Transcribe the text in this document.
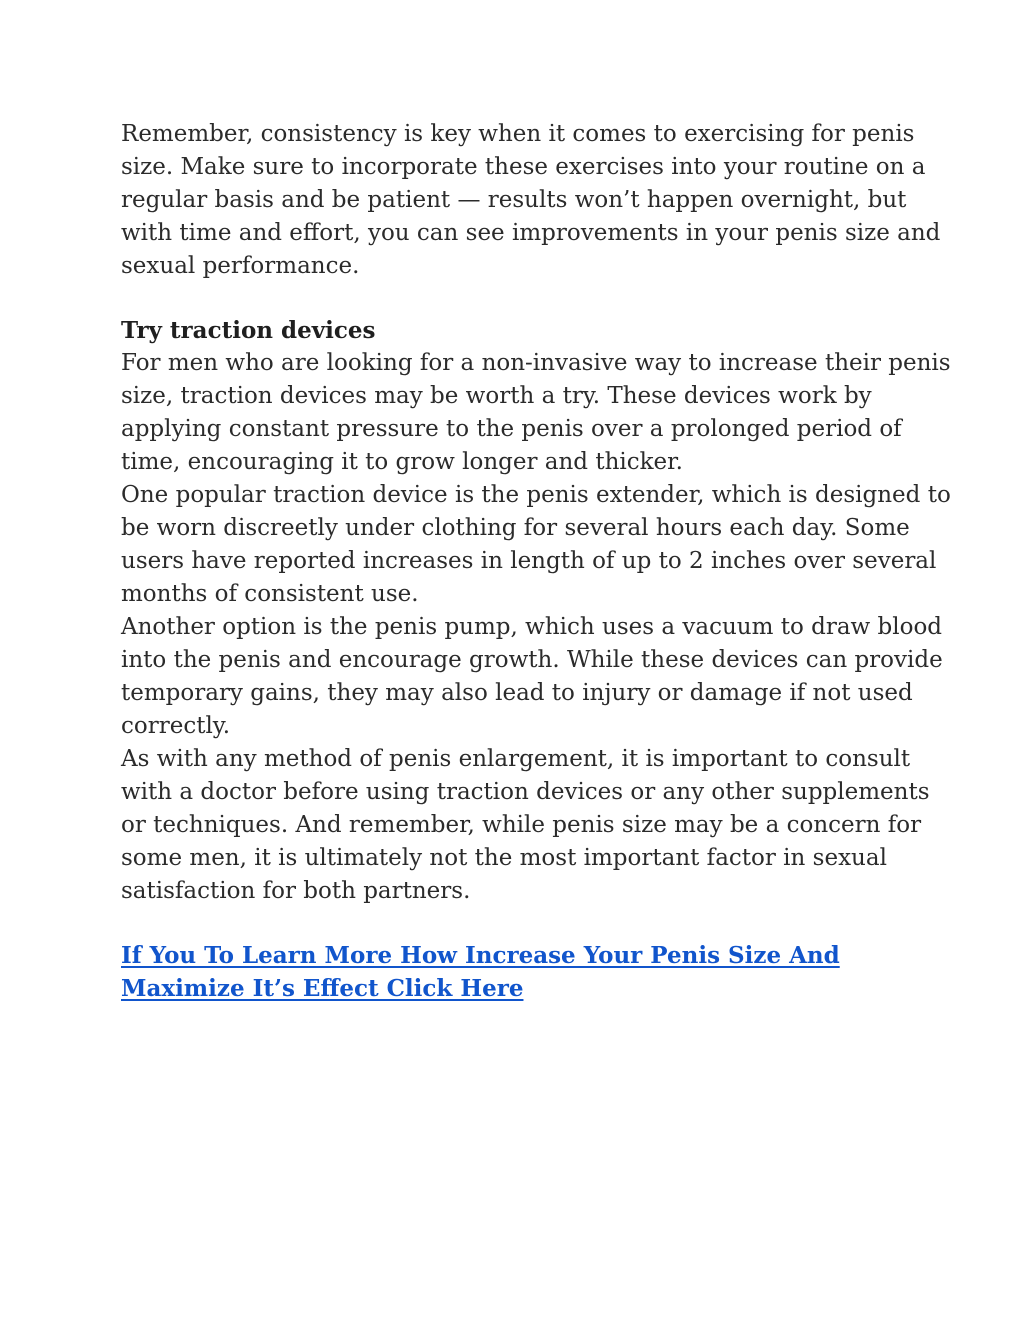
Remember, consistency is key when it comes to exercising for penis
size. Make sure to incorporate these exercises into your routine on a
regular basis and be patient — results won’t happen overnight, but
with time and effort, you can see improvements in your penis size and
sexual performance.

Try traction devices

For men who are looking for a non-invasive way to increase their penis
size, traction devices may be worth a try. These devices work by
applying constant pressure to the penis over a prolonged period of
time, encouraging it to grow longer and thicker.

One popular traction device is the penis extender, which is designed to
be worn discreetly under clothing for several hours each day. Some
users have reported increases in length of up to 2 inches over several
months of consistent use.

Another option is the penis pump, which uses a vacuum to draw blood
into the penis and encourage growth. While these devices can provide
temporary gains, they may also lead to injury or damage if not used
correctly.

As with any method of penis enlargement, it is important to consult
with a doctor before using traction devices or any other supplements
or techniques. And remember, while penis size may be a concern for
some men, it is ultimately not the most important factor in sexual
satisfaction for both partners.

If You To Learn More How Increase Your Penis Size And
Maximize It’s Effect Click Here
